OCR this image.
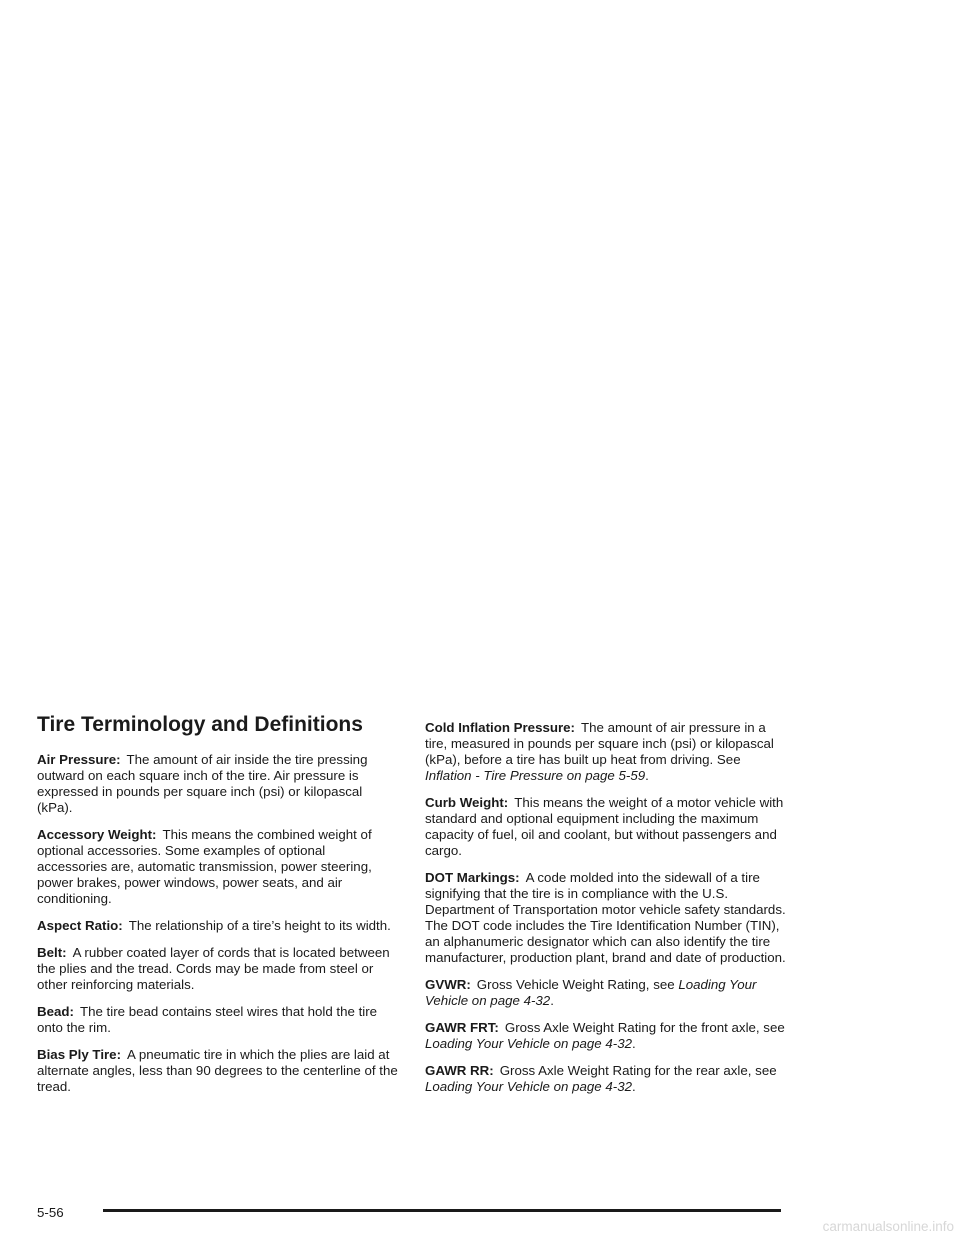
Tire Terminology and Definitions

Air Pressure: The amount of air inside the tire pressing outward on each square inch of the tire. Air pressure is expressed in pounds per square inch (psi) or kilopascal (kPa).

Accessory Weight: This means the combined weight of optional accessories. Some examples of optional accessories are, automatic transmission, power steering, power brakes, power windows, power seats, and air conditioning.

Aspect Ratio: The relationship of a tire’s height to its width.

Belt: A rubber coated layer of cords that is located between the plies and the tread. Cords may be made from steel or other reinforcing materials.

Bead: The tire bead contains steel wires that hold the tire onto the rim.

Bias Ply Tire: A pneumatic tire in which the plies are laid at alternate angles, less than 90 degrees to the centerline of the tread.

Cold Inflation Pressure: The amount of air pressure in a tire, measured in pounds per square inch (psi) or kilopascal (kPa), before a tire has built up heat from driving. See Inflation - Tire Pressure on page 5-59.

Curb Weight: This means the weight of a motor vehicle with standard and optional equipment including the maximum capacity of fuel, oil and coolant, but without passengers and cargo.

DOT Markings: A code molded into the sidewall of a tire signifying that the tire is in compliance with the U.S. Department of Transportation motor vehicle safety standards. The DOT code includes the Tire Identification Number (TIN), an alphanumeric designator which can also identify the tire manufacturer, production plant, brand and date of production.

GVWR: Gross Vehicle Weight Rating, see Loading Your Vehicle on page 4-32.

GAWR FRT: Gross Axle Weight Rating for the front axle, see Loading Your Vehicle on page 4-32.

GAWR RR: Gross Axle Weight Rating for the rear axle, see Loading Your Vehicle on page 4-32.

5-56
carmanualsonline.info
